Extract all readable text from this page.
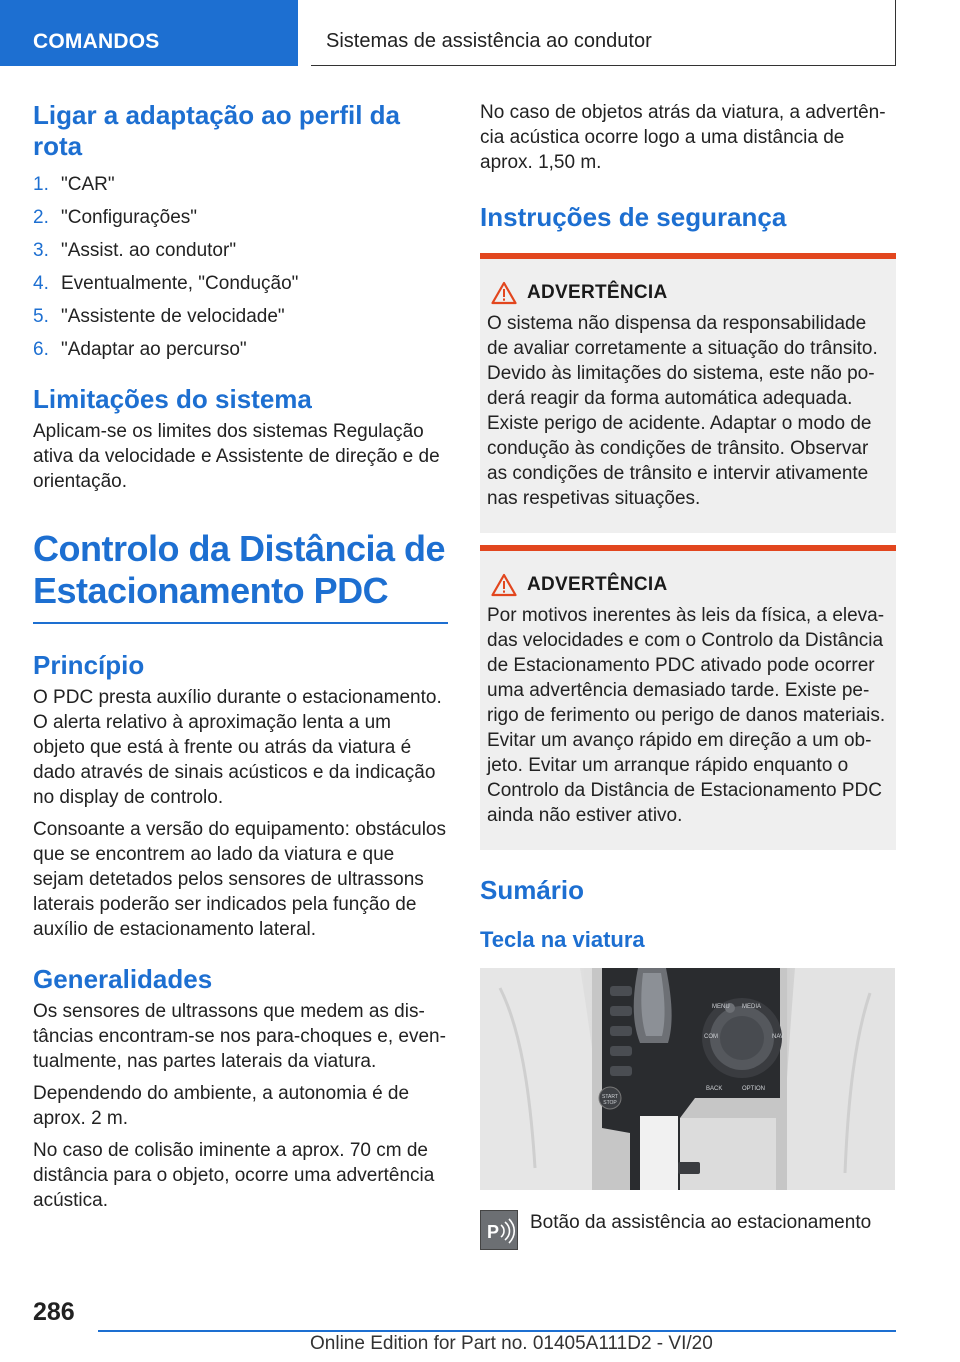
COMANDOS	Sistemas de assistência ao condutor
Ligar a adaptação ao perfil da rota
1. "CAR"
2. "Configurações"
3. "Assist. ao condutor"
4. Eventualmente, "Condução"
5. "Assistente de velocidade"
6. "Adaptar ao percurso"
Limitações do sistema

Aplicam-se os limites dos sistemas Regulação ativa da velocidade e Assistente de direção e de orientação.

Controlo da Distância de Estacionamento PDC
Princípio

O PDC presta auxílio durante o estacionamento. O alerta relativo à aproximação lenta a um objeto que está à frente ou atrás da viatura é dado através de sinais acústicos e da indicação no display de controlo.

Consoante a versão do equipamento: obstáculos que se encontrem ao lado da viatura e que sejam detetados pelos sensores de ultrassons laterais poderão ser indicados pela função de auxílio de estacionamento lateral.

Generalidades

Os sensores de ultrassons que medem as distâncias encontram-se nos para-choques e, eventualmente, nas partes laterais da viatura.

Dependendo do ambiente, a autonomia é de aprox. 2 m.

No caso de colisão iminente a aprox. 70 cm de distância para o objeto, ocorre uma advertência acústica.

No caso de objetos atrás da viatura, a advertência acústica ocorre logo a uma distância de aprox. 1,50 m.

Instruções de segurança
ADVERTÊNCIA

O sistema não dispensa da responsabilidade de avaliar corretamente a situação do trânsito. Devido às limitações do sistema, este não poderá reagir da forma automática adequada. Existe perigo de acidente. Adaptar o modo de condução às condições de trânsito. Observar as condições de trânsito e intervir ativamente nas respetivas situações.

ADVERTÊNCIA

Por motivos inerentes às leis da física, a elevadas velocidades e com o Controlo da Distância de Estacionamento PDC ativado pode ocorrer uma advertência demasiado tarde. Existe perigo de ferimento ou perigo de danos materiais. Evitar um avanço rápido em direção a um objeto. Evitar um arranque rápido enquanto o Controlo da Distância de Estacionamento PDC ainda não estiver ativo.

Sumário
Tecla na viatura
MENU MEDIA
COM	NAV
BACK	OPTION
START STOP
P Botão da assistência ao estacionamento

286
Online Edition for Part no. 01405A111D2 - VI/20
